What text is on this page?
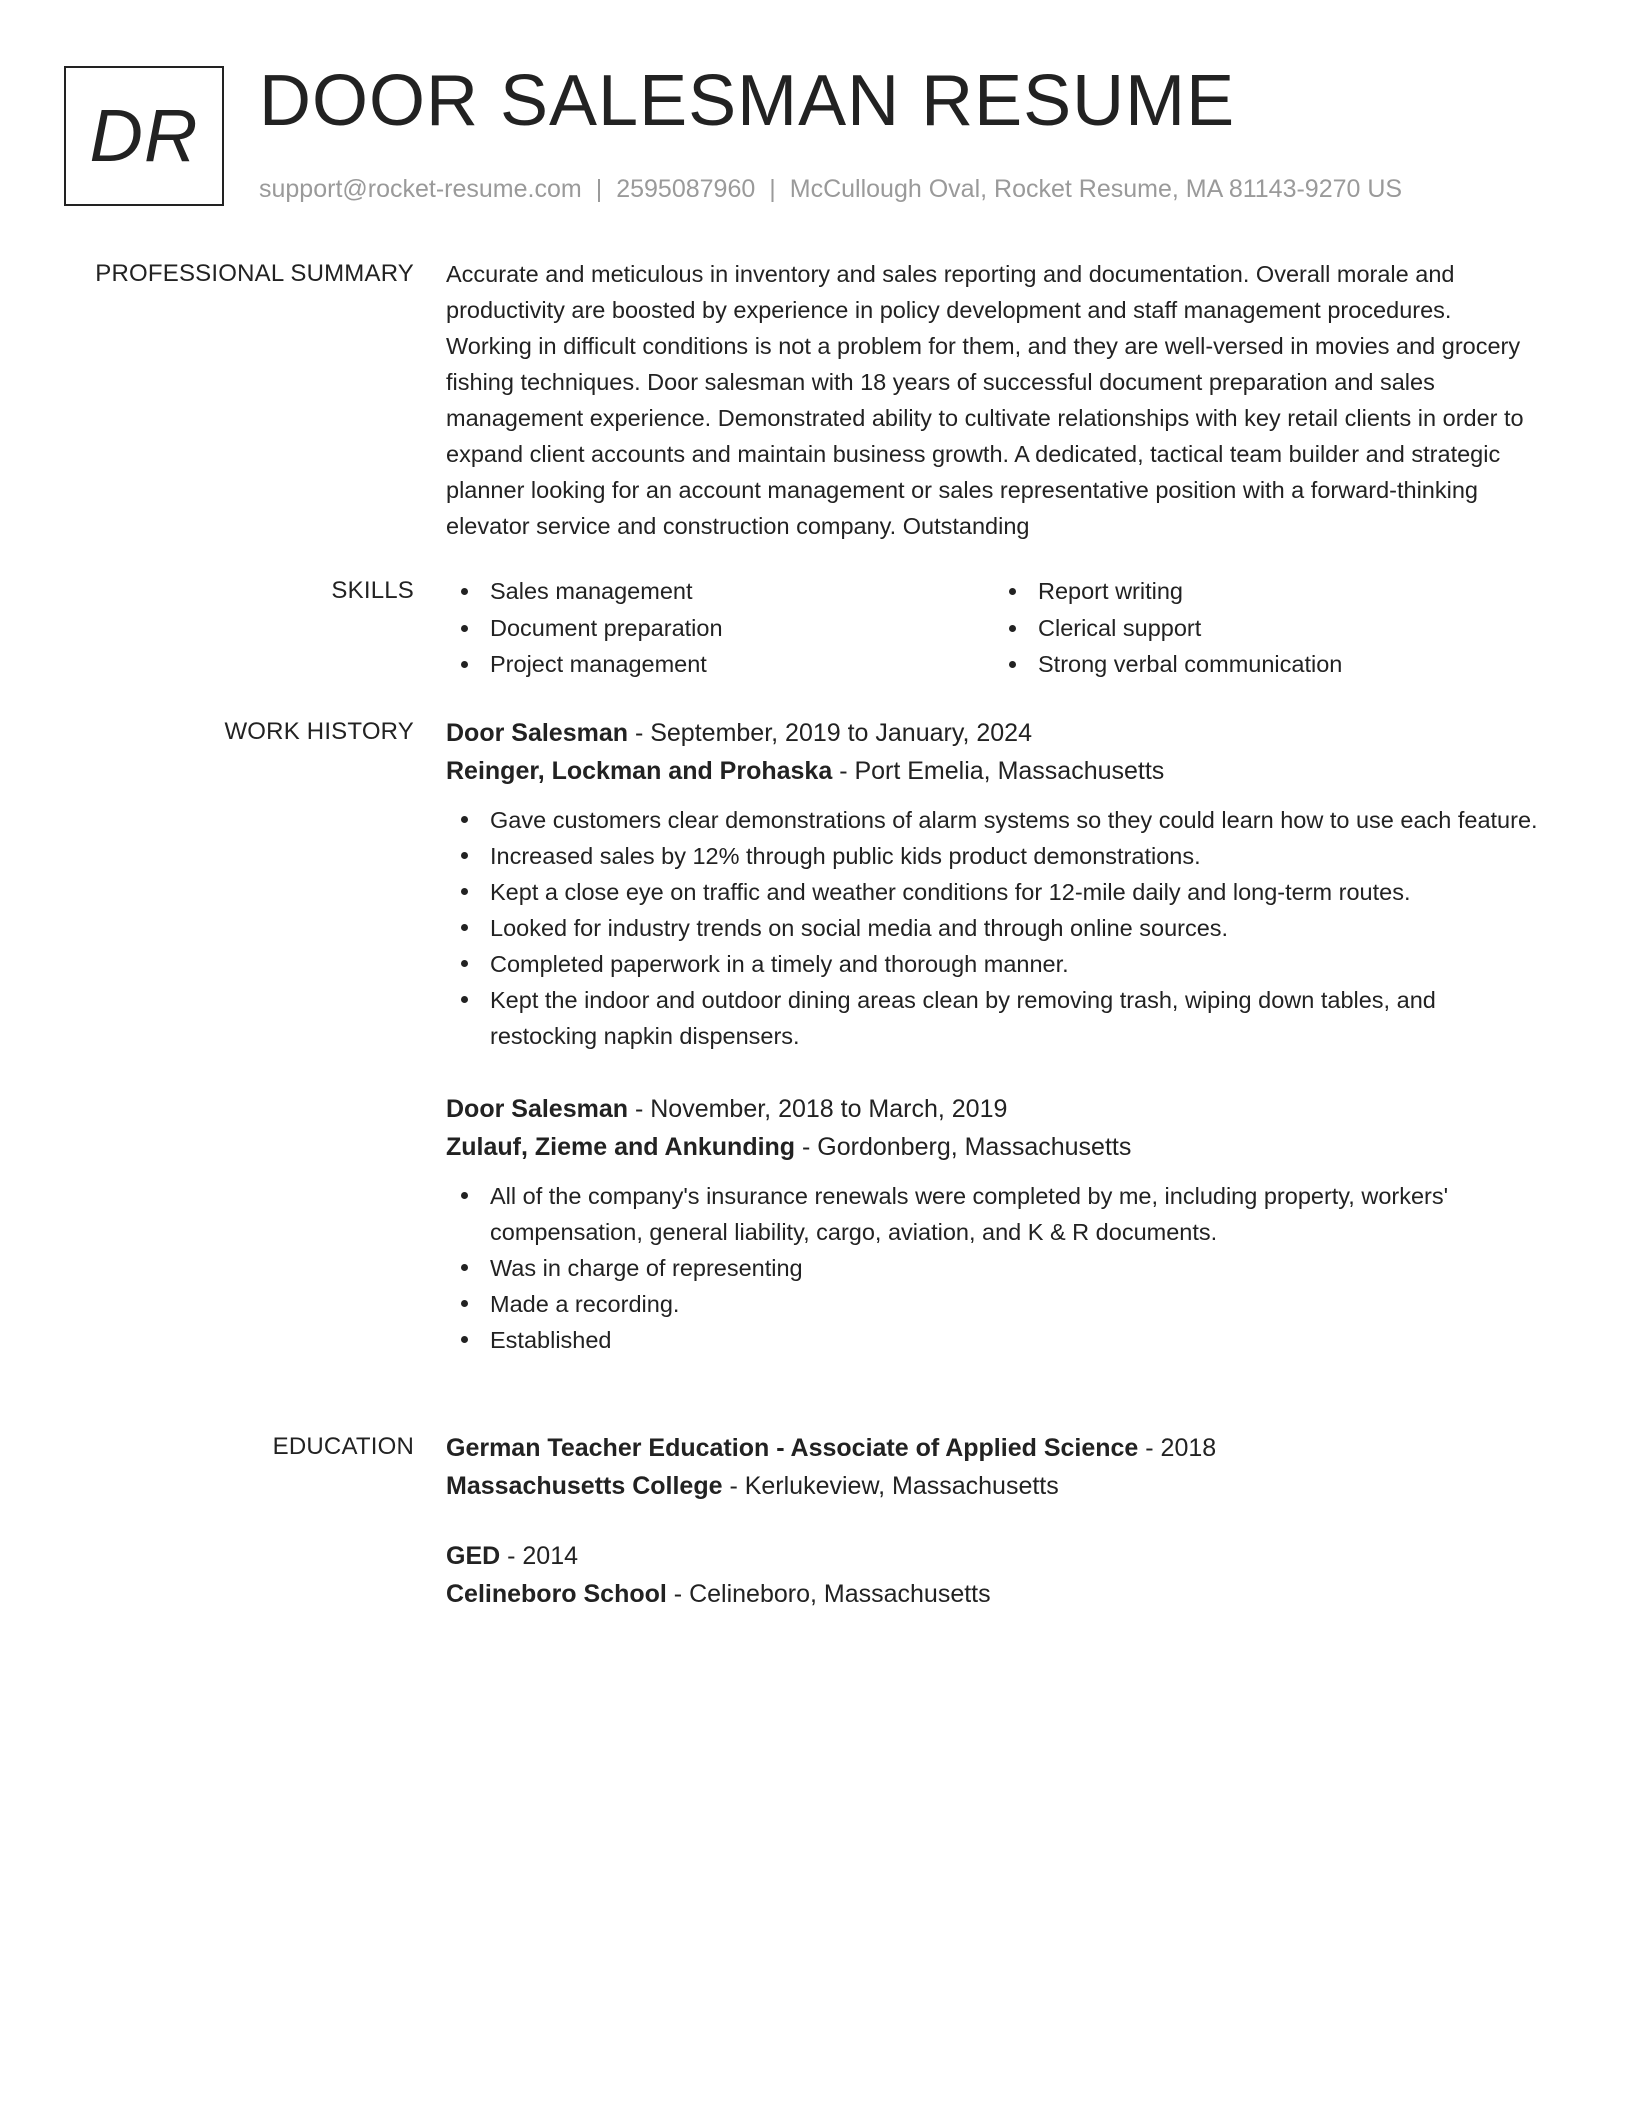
DR DOOR SALESMAN RESUME
support@rocket-resume.com | 2595087960 | McCullough Oval, Rocket Resume, MA 81143-9270 US
PROFESSIONAL SUMMARY Accurate and meticulous in inventory and sales reporting and documentation. Overall morale and productivity are boosted by experience in policy development and staff management procedures. Working in difficult conditions is not a problem for them, and they are well-versed in movies and grocery fishing techniques. Door salesman with 18 years of successful document preparation and sales management experience. Demonstrated ability to cultivate relationships with key retail clients in order to expand client accounts and maintain business growth. A dedicated, tactical team builder and strategic planner looking for an account management or sales representative position with a forward-thinking elevator service and construction company. Outstanding

SKILLS	Sales management	Report writing
Document preparation	Clerical support
Project management	Strong verbal communication
WORK HISTORY Door Salesman - September, 2019 to January, 2024
Reinger, Lockman and Prohaska - Port Emelia, Massachusetts
Gave customers clear demonstrations of alarm systems so they could learn how to use each feature.
Increased sales by 12% through public kids product demonstrations.
Kept a close eye on traffic and weather conditions for 12-mile daily and long-term routes.
Looked for industry trends on social media and through online sources.
Completed paperwork in a timely and thorough manner.
Kept the indoor and outdoor dining areas clean by removing trash, wiping down tables, and restocking napkin dispensers.
Door Salesman - November, 2018 to March, 2019
Zulauf, Zieme and Ankunding - Gordonberg, Massachusetts
All of the company's insurance renewals were completed by me, including property, workers' compensation, general liability, cargo, aviation, and K & R documents.
Was in charge of representing
Made a recording.
Established
EDUCATION German Teacher Education - Associate of Applied Science - 2018
Massachusetts College - Kerlukeview, Massachusetts
GED - 2014
Celineboro School - Celineboro, Massachusetts
